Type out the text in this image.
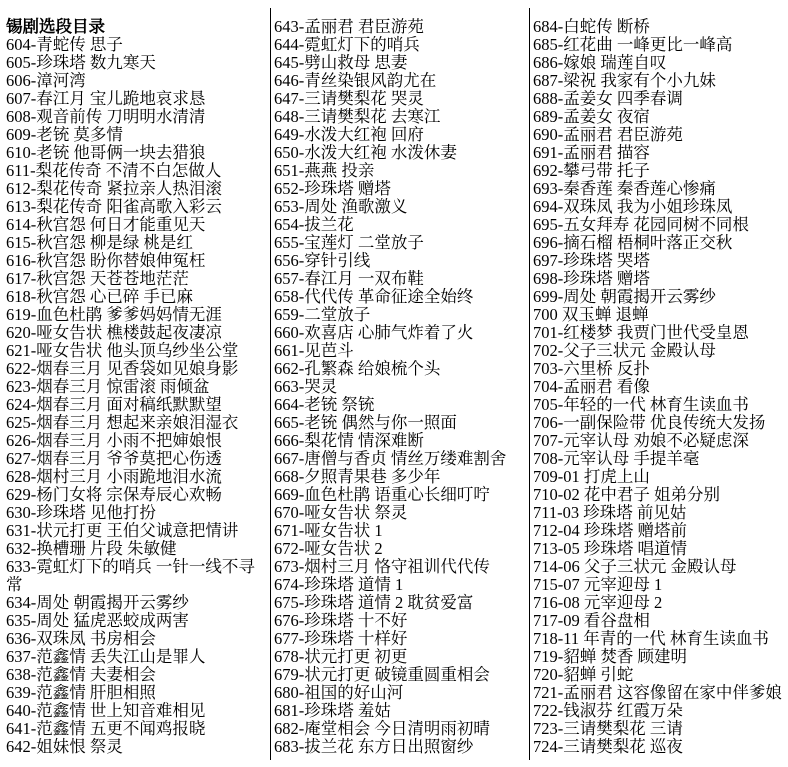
锡剧选段目录
604-青蛇传 思子
605-珍珠塔 数九寒天
606-漳河湾
607-春江月 宝儿跪地哀求恳
608-观音前传 刀明明水清清
609-老铳 莫多情
610-老铳 他哥俩一块去猎狼
611-梨花传奇 不清不白怎做人
612-梨花传奇 紧拉亲人热泪滚
613-梨花传奇 阳雀高歌入彩云
614-秋宫怨 何日才能重见天
615-秋宫怨 柳是绿 桃是红
616-秋宫怨 盼你替娘伸冤枉
617-秋宫怨 天苍苍地茫茫
618-秋宫怨 心已碎 手已麻
619-血色杜鹃 爹爹妈妈情无涯
620-哑女告状 樵楼鼓起夜凄凉
621-哑女告状 他头顶乌纱坐公堂
622-烟春三月 见香袋如见娘身影
623-烟春三月 惊雷滚 雨倾盆
624-烟春三月 面对稿纸默默望
625-烟春三月 想起来亲娘泪湿衣
626-烟春三月 小雨不把婶娘恨
627-烟春三月 爷爷莫把心伤透
628-烟村三月 小雨跪地泪水流
629-杨门女将 宗保寿辰心欢畅
630-珍珠塔 见他打扮
631-状元打更 王伯父诚意把情讲
632-换槽珊 片段 朱敏健
633-霓虹灯下的哨兵 一针一线不寻常
634-周处 朝霞揭开云雾纱
635-周处 猛虎恶蛟成两害
636-双珠凤 书房相会
637-范鑫情 丢失江山是罪人
638-范鑫情 夫妻相会
639-范鑫情 肝胆相照
640-范鑫情 世上知音难相见
641-范鑫情 五更不闻鸡报晓
642-姐妹恨 祭灵
643-孟丽君 君臣游苑
644-霓虹灯下的哨兵
645-劈山救母 思妻
646-青丝染银风韵尤在
647-三请樊梨花 哭灵
648-三请樊梨花 去寒江
649-水泼大红袍 回府
650-水泼大红袍 水泼休妻
651-燕燕 投亲
652-珍珠塔 赠塔
653-周处 渔歌激义
654-拔兰花
655-宝莲灯 二堂放子
656-穿针引线
657-春江月 一双布鞋
658-代代传 革命征途全始终
659-二堂放子
660-欢喜店 心肺气炸着了火
661-见芭斗
662-孔繁森 给娘梳个头
663-哭灵
664-老铳 祭铳
665-老铳 偶然与你一照面
666-梨花情 情深难断
667-唐僧与香贞 情丝万缕难割舍
668-夕照青果巷 多少年
669-血色杜鹃 语重心长细叮咛
670-哑女告状 祭灵
671-哑女告状 1
672-哑女告状 2
673-烟村三月 恪守祖训代代传
674-珍珠塔 道情 1
675-珍珠塔 道情 2 耽贫爱富
676-珍珠塔 十不好
677-珍珠塔 十样好
678-状元打更 初更
679-状元打更 破镜重圆重相会
680-祖国的好山河
681-珍珠塔 羞姑
682-庵堂相会 今日清明雨初晴
683-拔兰花 东方日出照窗纱
684-白蛇传 断桥
685-红花曲 一峰更比一峰高
686-嫁娘 瑞莲自叹
687-梁祝 我家有个小九妹
688-孟姜女 四季春调
689-孟姜女 夜宿
690-孟丽君 君臣游苑
691-孟丽君 描容
692-攀弓带 托子
693-秦香莲 秦香莲心惨痛
694-双珠凤 我为小姐珍珠凤
695-五女拜寿 花园同树不同根
696-摘石榴 梧桐叶落正交秋
697-珍珠塔 哭塔
698-珍珠塔 赠塔
699-周处 朝霞揭开云雾纱
700 双玉蝉 退蝉
701-红楼梦 我贾门世代受皇恩
702-父子三状元 金殿认母
703-六里桥 反扑
704-孟丽君 看像
705-年轻的一代 林育生读血书
706-一副保险带 优良传统大发扬
707-元宰认母 劝娘不必疑虑深
708-元宰认母 手提羊毫
709-01 打虎上山
710-02 花中君子 姐弟分别
711-03 珍珠塔 前见姑
712-04 珍珠塔 赠塔前
713-05 珍珠塔 唱道情
714-06 父子三状元 金殿认母
715-07 元宰迎母 1
716-08 元宰迎母 2
717-09 看谷盘相
718-11 年青的一代 林育生读血书
719-貂蝉 焚香 顾建明
720-貂蝉 引蛇
721-孟丽君 这容像留在家中伴爹娘
722-钱淑芬 红霞万朵
723-三请樊梨花 三请
724-三请樊梨花 巡夜
